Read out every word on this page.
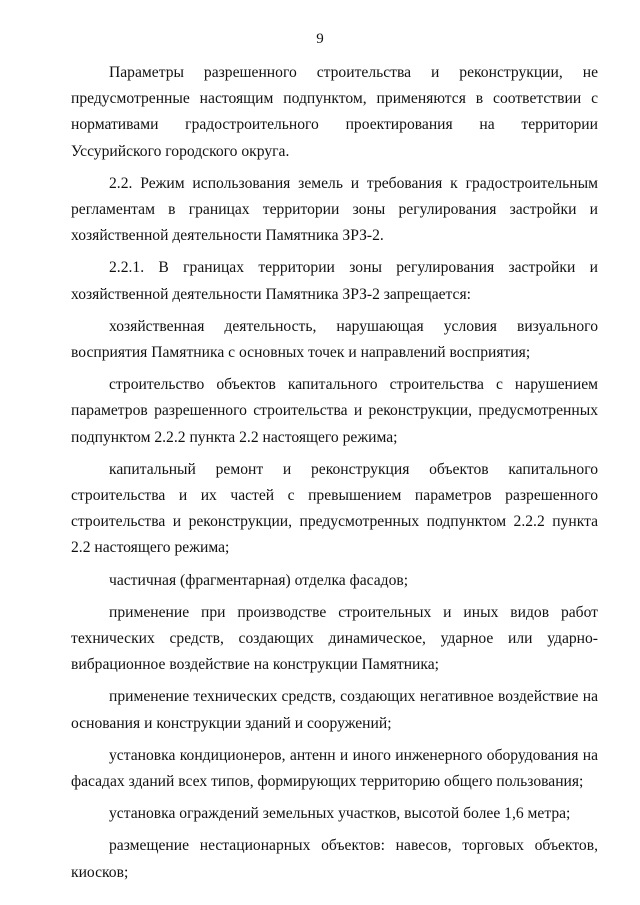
9

Параметры разрешенного строительства и реконструкции, не предусмотренные настоящим подпунктом, применяются в соответствии с нормативами градостроительного проектирования на территории Уссурийского городского округа.

2.2. Режим использования земель и требования к градостроительным регламентам в границах территории зоны регулирования застройки и хозяйственной деятельности Памятника ЗРЗ-2.

2.2.1. В границах территории зоны регулирования застройки и хозяйственной деятельности Памятника ЗРЗ-2 запрещается:

хозяйственная деятельность, нарушающая условия визуального восприятия Памятника с основных точек и направлений восприятия;

строительство объектов капитального строительства с нарушением параметров разрешенного строительства и реконструкции, предусмотренных подпунктом 2.2.2 пункта 2.2 настоящего режима;

капитальный ремонт и реконструкция объектов капитального строительства и их частей с превышением параметров разрешенного строительства и реконструкции, предусмотренных подпунктом 2.2.2 пункта 2.2 настоящего режима;

частичная (фрагментарная) отделка фасадов;

применение при производстве строительных и иных видов работ технических средств, создающих динамическое, ударное или ударно-вибрационное воздействие на конструкции Памятника;

применение технических средств, создающих негативное воздействие на основания и конструкции зданий и сооружений;

установка кондиционеров, антенн и иного инженерного оборудования на фасадах зданий всех типов, формирующих территорию общего пользования;

установка ограждений земельных участков, высотой более 1,6 метра;

размещение нестационарных объектов: навесов, торговых объектов, киосков;
